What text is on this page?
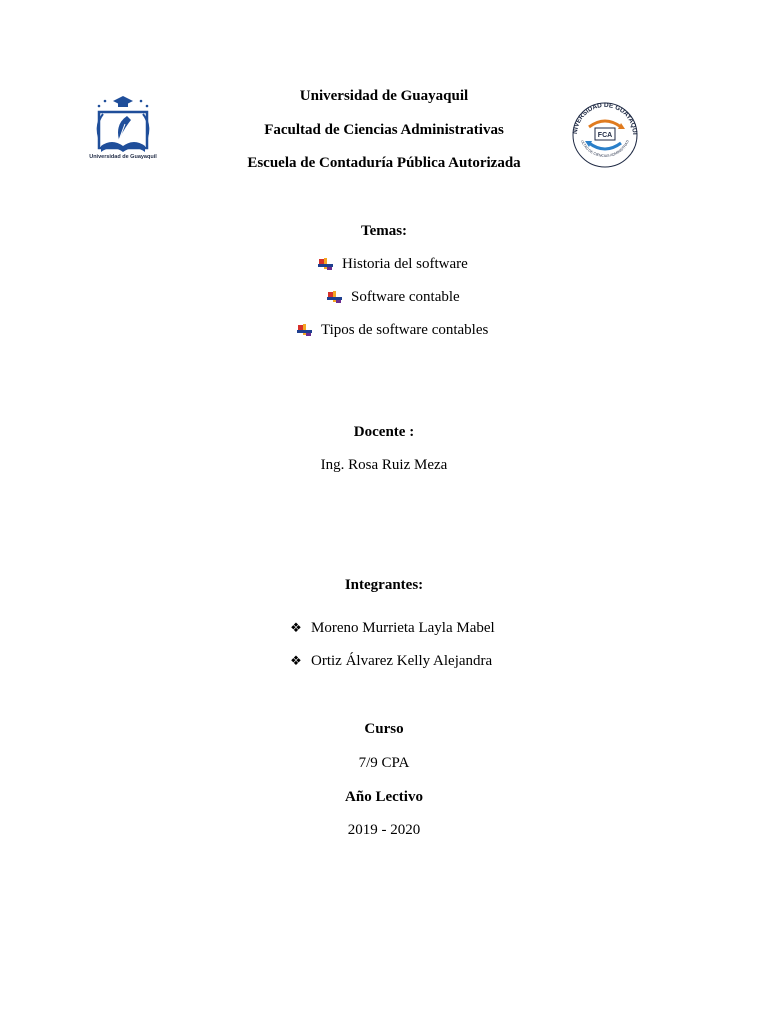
Universidad de Guayaquil
NIVERSIDAD DE GUAYAQUI
ULTAD DE CIENCIAS ADMINISTRATI
FCA
Universidad de Guayaquil
Facultad de Ciencias Administrativas
Escuela de Contaduría Pública Autorizada
Temas:
Historia del software
Software contable
Tipos de software contables
Docente :
Ing. Rosa Ruiz Meza
Integrantes:
❖ Moreno Murrieta Layla Mabel
❖ Ortiz Álvarez Kelly Alejandra
Curso
7/9 CPA
Año Lectivo
2019 - 2020
